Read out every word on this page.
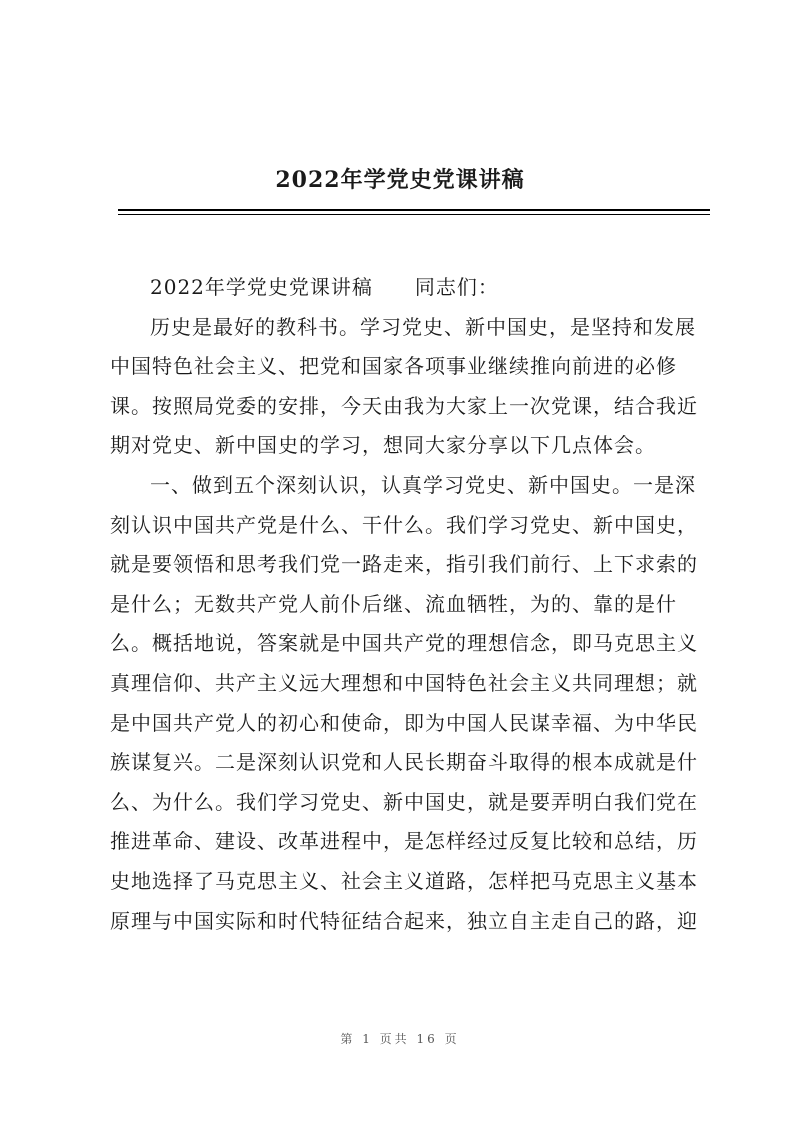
2022年学党史党课讲稿

2022年学党史党课讲稿　　同志们：

历史是最好的教科书。学习党史、新中国史，是坚持和发展
中国特色社会主义、把党和国家各项事业继续推向前进的必修
课。按照局党委的安排，今天由我为大家上一次党课，结合我近
期对党史、新中国史的学习，想同大家分享以下几点体会。

一、做到五个深刻认识，认真学习党史、新中国史。一是深
刻认识中国共产党是什么、干什么。我们学习党史、新中国史，
就是要领悟和思考我们党一路走来，指引我们前行、上下求索的
是什么；无数共产党人前仆后继、流血牺牲，为的、靠的是什
么。概括地说，答案就是中国共产党的理想信念，即马克思主义
真理信仰、共产主义远大理想和中国特色社会主义共同理想；就
是中国共产党人的初心和使命，即为中国人民谋幸福、为中华民
族谋复兴。二是深刻认识党和人民长期奋斗取得的根本成就是什
么、为什么。我们学习党史、新中国史，就是要弄明白我们党在
推进革命、建设、改革进程中，是怎样经过反复比较和总结，历
史地选择了马克思主义、社会主义道路，怎样把马克思主义基本
原理与中国实际和时代特征结合起来，独立自主走自己的路，迎

第 1 页共 16 页
